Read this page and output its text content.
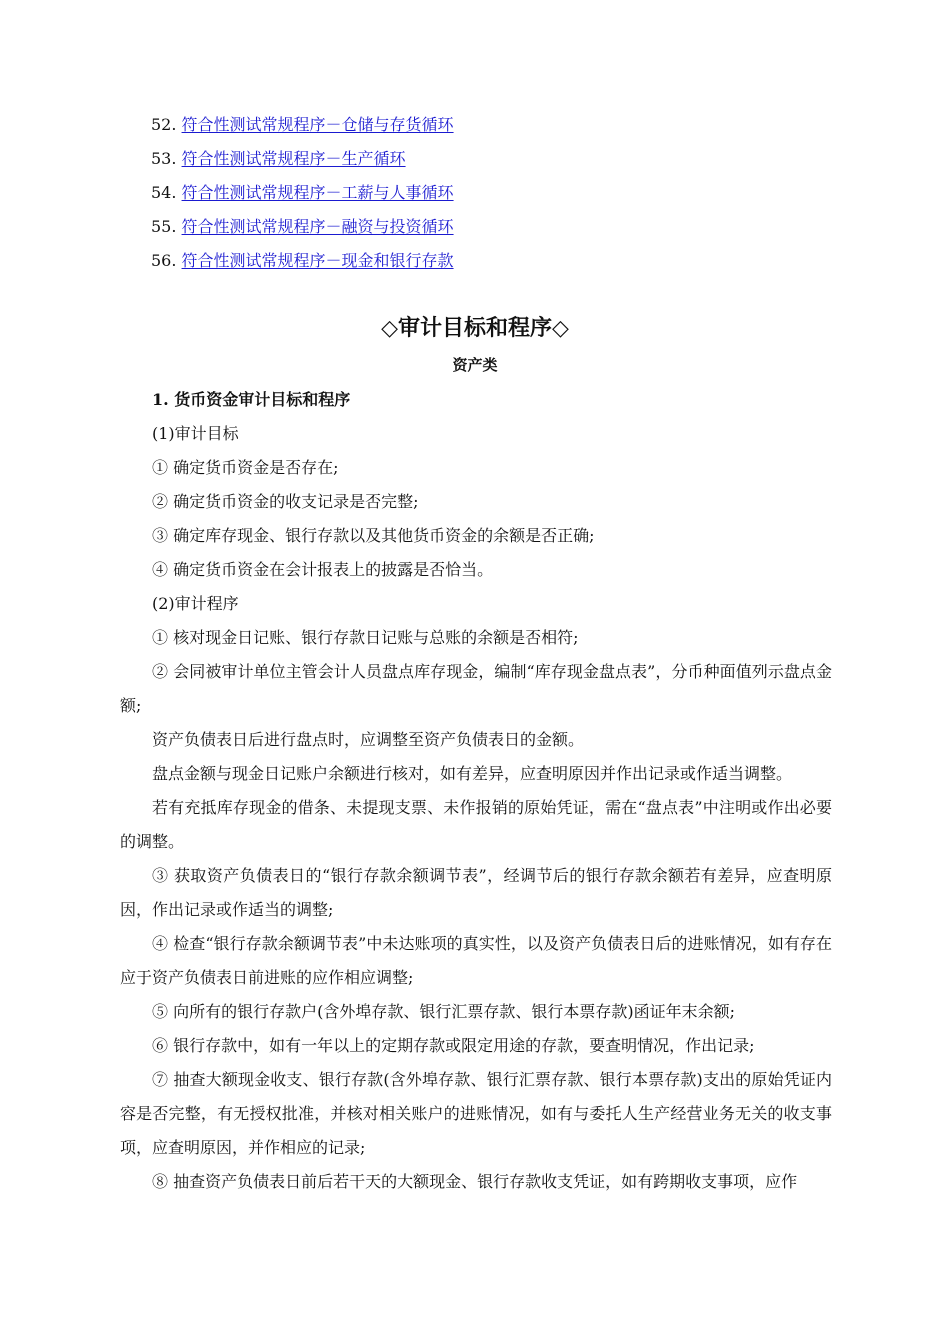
52. 符合性测试常规程序－仓储与存货循环
53. 符合性测试常规程序－生产循环
54. 符合性测试常规程序－工薪与人事循环
55. 符合性测试常规程序－融资与投资循环
56. 符合性测试常规程序－现金和银行存款
◇审计目标和程序◇
资产类

1. 货币资金审计目标和程序

(1)审计目标

① 确定货币资金是否存在;

② 确定货币资金的收支记录是否完整;

③ 确定库存现金、银行存款以及其他货币资金的余额是否正确;

④ 确定货币资金在会计报表上的披露是否恰当。

(2)审计程序

① 核对现金日记账、银行存款日记账与总账的余额是否相符;

② 会同被审计单位主管会计人员盘点库存现金，编制“库存现金盘点表”，分币种面值列示盘点金额;

资产负债表日后进行盘点时，应调整至资产负债表日的金额。

盘点金额与现金日记账户余额进行核对，如有差异，应查明原因并作出记录或作适当调整。

若有充抵库存现金的借条、未提现支票、未作报销的原始凭证，需在“盘点表”中注明或作出必要的调整。

③ 获取资产负债表日的“银行存款余额调节表”，经调节后的银行存款余额若有差异，应查明原因，作出记录或作适当的调整;

④ 检查“银行存款余额调节表”中未达账项的真实性，以及资产负债表日后的进账情况，如有存在应于资产负债表日前进账的应作相应调整;

⑤ 向所有的银行存款户(含外埠存款、银行汇票存款、银行本票存款)函证年末余额;

⑥ 银行存款中，如有一年以上的定期存款或限定用途的存款，要查明情况，作出记录;

⑦ 抽查大额现金收支、银行存款(含外埠存款、银行汇票存款、银行本票存款)支出的原始凭证内容是否完整，有无授权批准，并核对相关账户的进账情况，如有与委托人生产经营业务无关的收支事项，应查明原因，并作相应的记录;

⑧ 抽查资产负债表日前后若干天的大额现金、银行存款收支凭证，如有跨期收支事项，应作
